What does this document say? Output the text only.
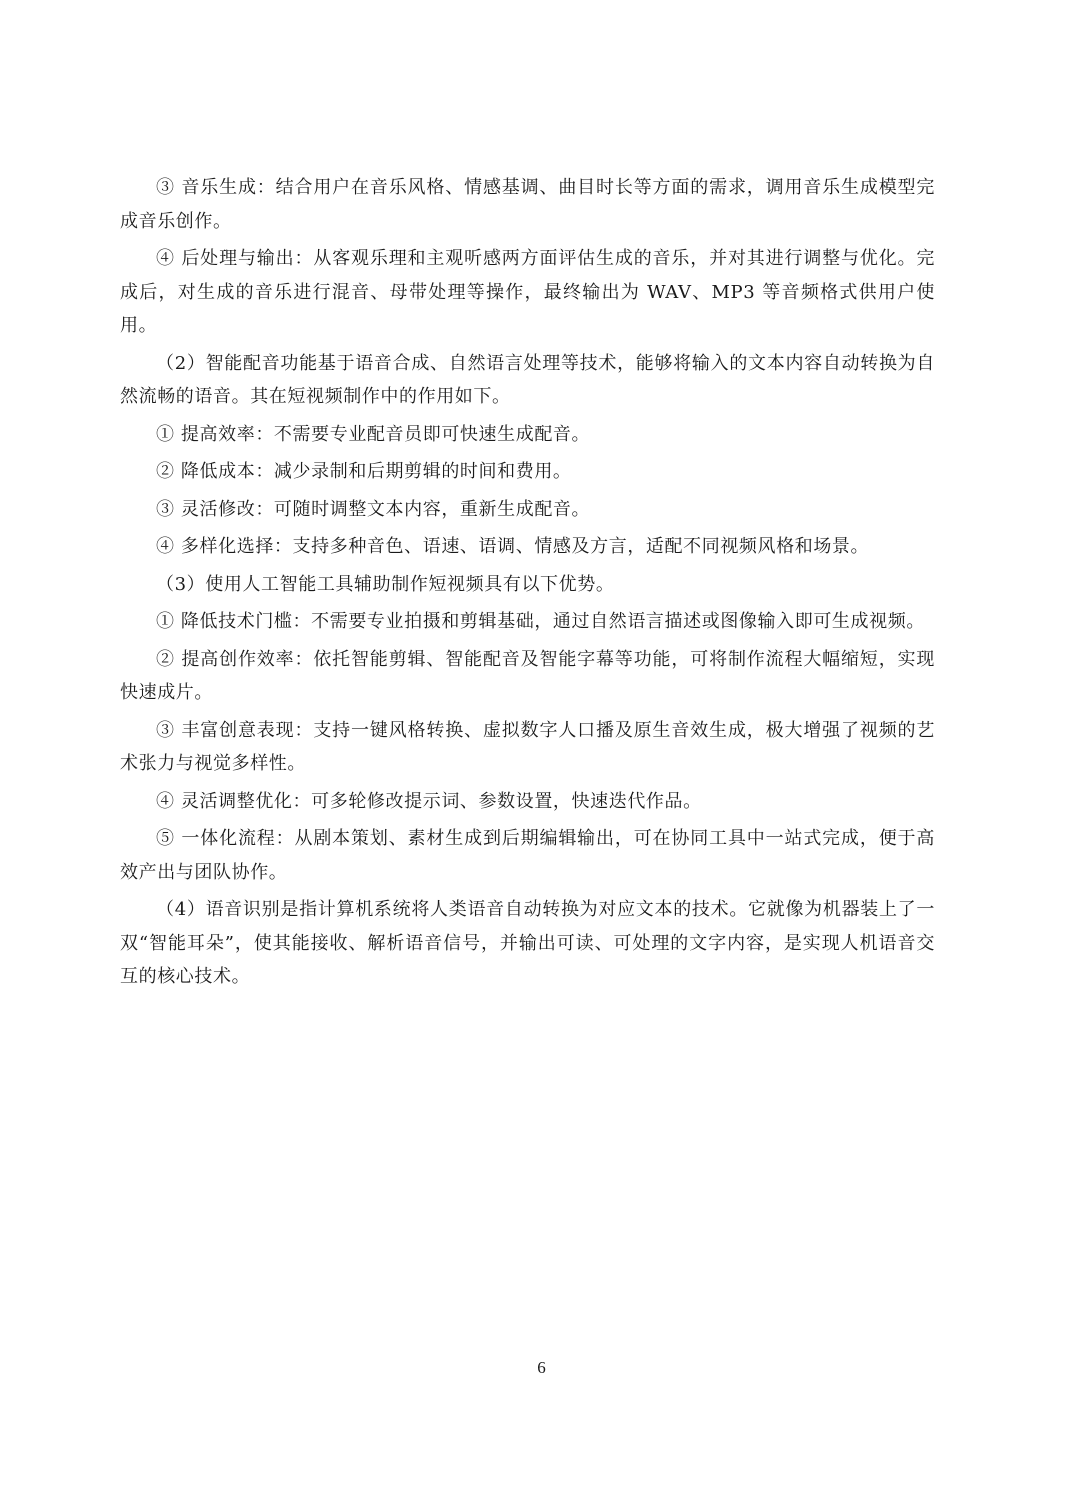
③ 音乐生成：结合用户在音乐风格、情感基调、曲目时长等方面的需求，调用音乐生成模型完成音乐创作。

④ 后处理与输出：从客观乐理和主观听感两方面评估生成的音乐，并对其进行调整与优化。完成后，对生成的音乐进行混音、母带处理等操作，最终输出为 WAV、MP3 等音频格式供用户使用。

（2）智能配音功能基于语音合成、自然语言处理等技术，能够将输入的文本内容自动转换为自然流畅的语音。其在短视频制作中的作用如下。

① 提高效率：不需要专业配音员即可快速生成配音。

② 降低成本：减少录制和后期剪辑的时间和费用。

③ 灵活修改：可随时调整文本内容，重新生成配音。

④ 多样化选择：支持多种音色、语速、语调、情感及方言，适配不同视频风格和场景。

（3）使用人工智能工具辅助制作短视频具有以下优势。

① 降低技术门槛：不需要专业拍摄和剪辑基础，通过自然语言描述或图像输入即可生成视频。

② 提高创作效率：依托智能剪辑、智能配音及智能字幕等功能，可将制作流程大幅缩短，实现快速成片。

③ 丰富创意表现：支持一键风格转换、虚拟数字人口播及原生音效生成，极大增强了视频的艺术张力与视觉多样性。

④ 灵活调整优化：可多轮修改提示词、参数设置，快速迭代作品。

⑤ 一体化流程：从剧本策划、素材生成到后期编辑输出，可在协同工具中一站式完成，便于高效产出与团队协作。

（4）语音识别是指计算机系统将人类语音自动转换为对应文本的技术。它就像为机器装上了一双“智能耳朵”，使其能接收、解析语音信号，并输出可读、可处理的文字内容，是实现人机语音交互的核心技术。

6
